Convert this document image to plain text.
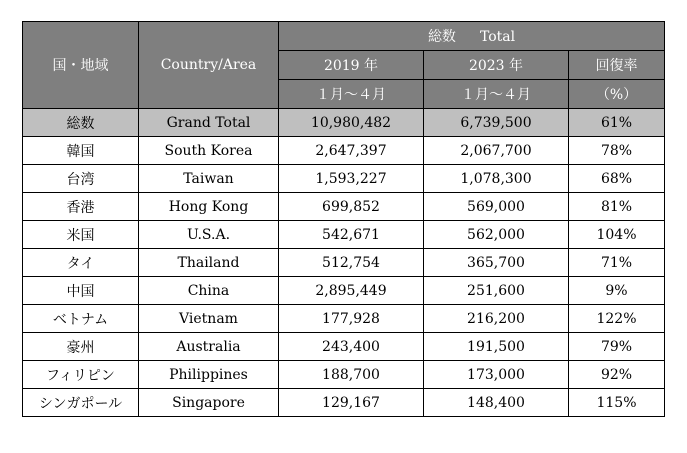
国・地域	Country/Area	総数 Total		
		2019 年	2023 年	回復率
		１月～４月	１月～４月	（%）
総数	Grand Total	10,980,482	6,739,500	61%
韓国	South Korea	2,647,397	2,067,700	78%
台湾	Taiwan	1,593,227	1,078,300	68%
香港	Hong Kong	699,852	569,000	81%
米国	U.S.A.	542,671	562,000	104%
タイ	Thailand	512,754	365,700	71%
中国	China	2,895,449	251,600	9%
ベトナム	Vietnam	177,928	216,200	122%
豪州	Australia	243,400	191,500	79%
フィリピン	Philippines	188,700	173,000	92%
シンガポール	Singapore	129,167	148,400	115%
